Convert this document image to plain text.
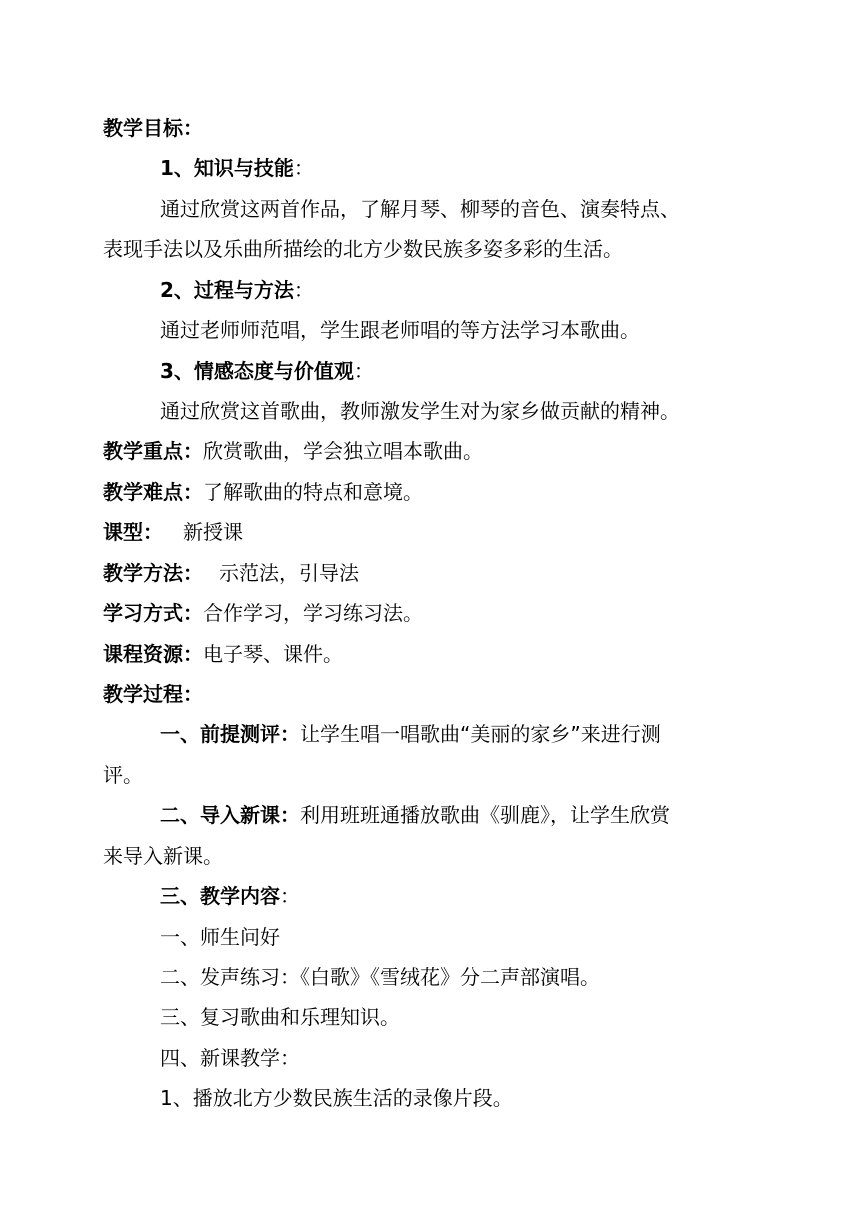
教学目标：
1、知识与技能：
通过欣赏这两首作品，了解月琴、柳琴的音色、演奏特点、
表现手法以及乐曲所描绘的北方少数民族多姿多彩的生活。
2、过程与方法：
通过老师师范唱，学生跟老师唱的等方法学习本歌曲。
3、情感态度与价值观：
通过欣赏这首歌曲，教师激发学生对为家乡做贡献的精神。
教学重点：欣赏歌曲，学会独立唱本歌曲。
教学难点：了解歌曲的特点和意境。
课型： 新授课
教学方法： 示范法，引导法
学习方式：合作学习，学习练习法。
课程资源：电子琴、课件。
教学过程：
一、前提测评：让学生唱一唱歌曲“美丽的家乡”来进行测
评。
二、导入新课：利用班班通播放歌曲《驯鹿》，让学生欣赏
来导入新课。
三、教学内容：
一、师生问好
二、发声练习：《白歌》《雪绒花》分二声部演唱。
三、复习歌曲和乐理知识。
四、新课教学：
1、播放北方少数民族生活的录像片段。
